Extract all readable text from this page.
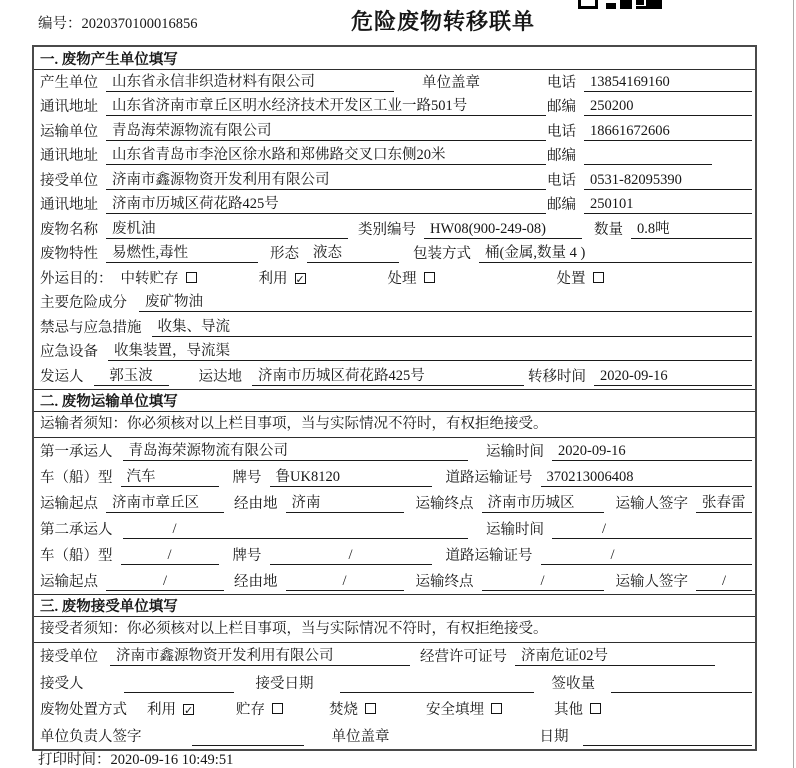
编号：2020370100016856	危险废物转移联单
一. 废物产生单位填写
产生单位 山东省永信非织造材料有限公司	单位盖章	电话 13854169160
通讯地址 山东省济南市章丘区明水经济技术开发区工业一路501号	邮编 250200
运输单位 青岛海荣源物流有限公司	电话 18661672606
通讯地址 山东省青岛市李沧区徐水路和郑佛路交叉口东侧20米	邮编
接受单位 济南市鑫源物资开发利用有限公司	电话 0531-82095390
通讯地址 济南市历城区荷花路425号	邮编 250101
废物名称 废机油	类别编号 HW08(900-249-08)	数量 0.8吨
废物特性 易燃性,毒性	形态 液态	包装方式 桶(金属,数量 4 )
外运目的： 中转贮存	利用 ✓	处理	处置
主要危险成分	废矿物油
禁忌与应急措施	收集、导流
应急设备	收集装置，导流渠
发运人	郭玉波	运达地	济南市历城区荷花路425号	转移时间 2020-09-16
二. 废物运输单位填写
运输者须知：你必须核对以上栏目事项，当与实际情况不符时，有权拒绝接受。
第一承运人	青岛海荣源物流有限公司	运输时间 2020-09-16
车（船）型 汽车	牌号 鲁UK8120	道路运输证号 370213006408
运输起点 济南市章丘区	经由地 济南	运输终点 济南市历城区	运输人签字 张春雷
第二承运人	/	运输时间	/
车（船）型	/	牌号	/	道路运输证号	/
运输起点	/	经由地	/	运输终点	/	运输人签字	/
三. 废物接受单位填写
接受者须知：你必须核对以上栏目事项，当与实际情况不符时，有权拒绝接受。
接受单位	济南市鑫源物资开发利用有限公司	经营许可证号 济南危证02号
接受人	接受日期	签收量
废物处置方式 利用 ✓	贮存	焚烧	安全填埋	其他
单位负责人签字	单位盖章	日期
打印时间：2020-09-16 10:49:51
